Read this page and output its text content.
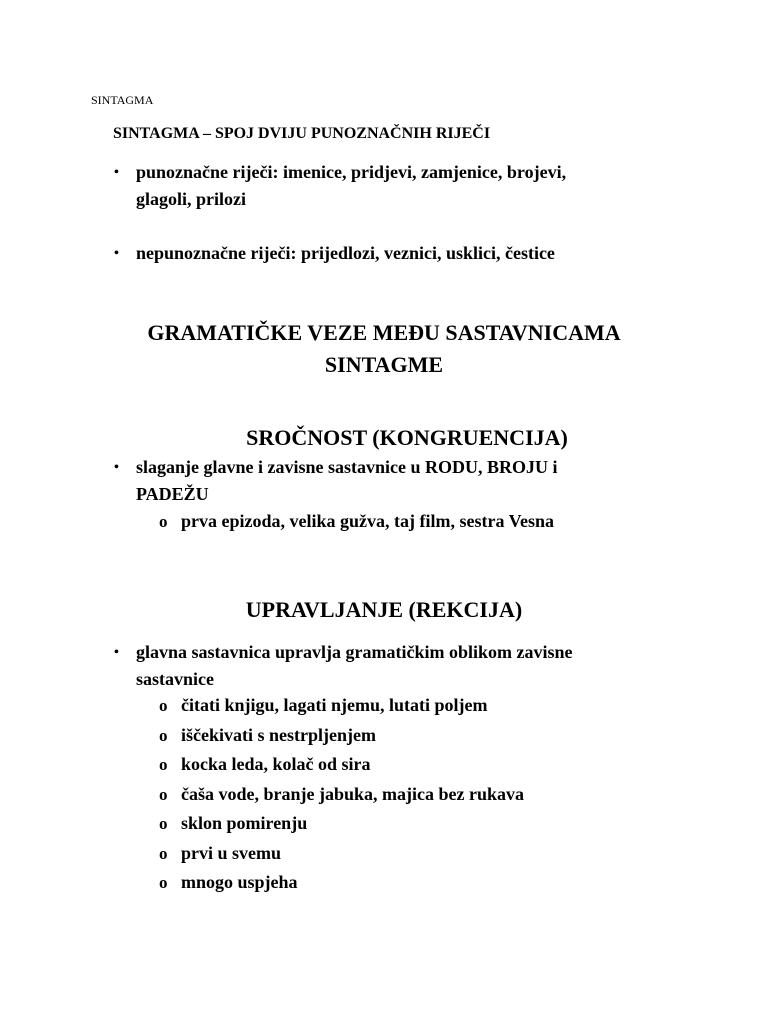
SINTAGMA
SINTAGMA – SPOJ DVIJU PUNOZNAČNIH RIJEČI
• punoznačne riječi: imenice, pridjevi, zamjenice, brojevi,
glagoli, prilozi
• nepunoznačne riječi: prijedlozi, veznici, usklici, čestice
GRAMATIČKE VEZE MEĐU SASTAVNICAMA
SINTAGME
SROČNOST (KONGRUENCIJA)
• slaganje glavne i zavisne sastavnice u RODU, BROJU i
PADEŽU
o prva epizoda, velika gužva, taj film, sestra Vesna
UPRAVLJANJE (REKCIJA)
• glavna sastavnica upravlja gramatičkim oblikom zavisne
sastavnice
o čitati knjigu, lagati njemu, lutati poljem
o iščekivati s nestrpljenjem
o kocka leda, kolač od sira
o čaša vode, branje jabuka, majica bez rukava
o sklon pomirenju
o prvi u svemu
o mnogo uspjeha
